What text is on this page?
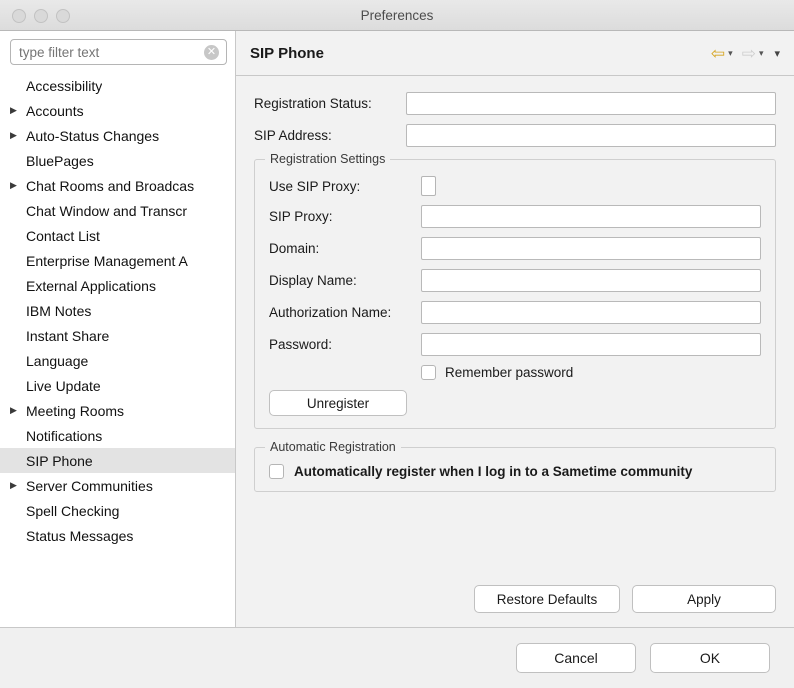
Preferences
type filter text
✕
Accessibility
▶ Accounts
▶ Auto-Status Changes
BluePages
▶ Chat Rooms and Broadcas
Chat Window and Transcr
Contact List
Enterprise Management A
External Applications
IBM Notes
Instant Share
Language
Live Update
▶ Meeting Rooms
Notifications
SIP Phone
▶ Server Communities
Spell Checking
Status Messages
SIP Phone	⇦ ▾ ⇨ ▾ ▾
Registration Status:
SIP Address:
Registration Settings
Use SIP Proxy:
SIP Proxy:
Domain:
Display Name:
Authorization Name:
Password:
Remember password
Unregister
Automatic Registration
Automatically register when I log in to a Sametime community
Restore Defaults	Apply
Cancel	OK
